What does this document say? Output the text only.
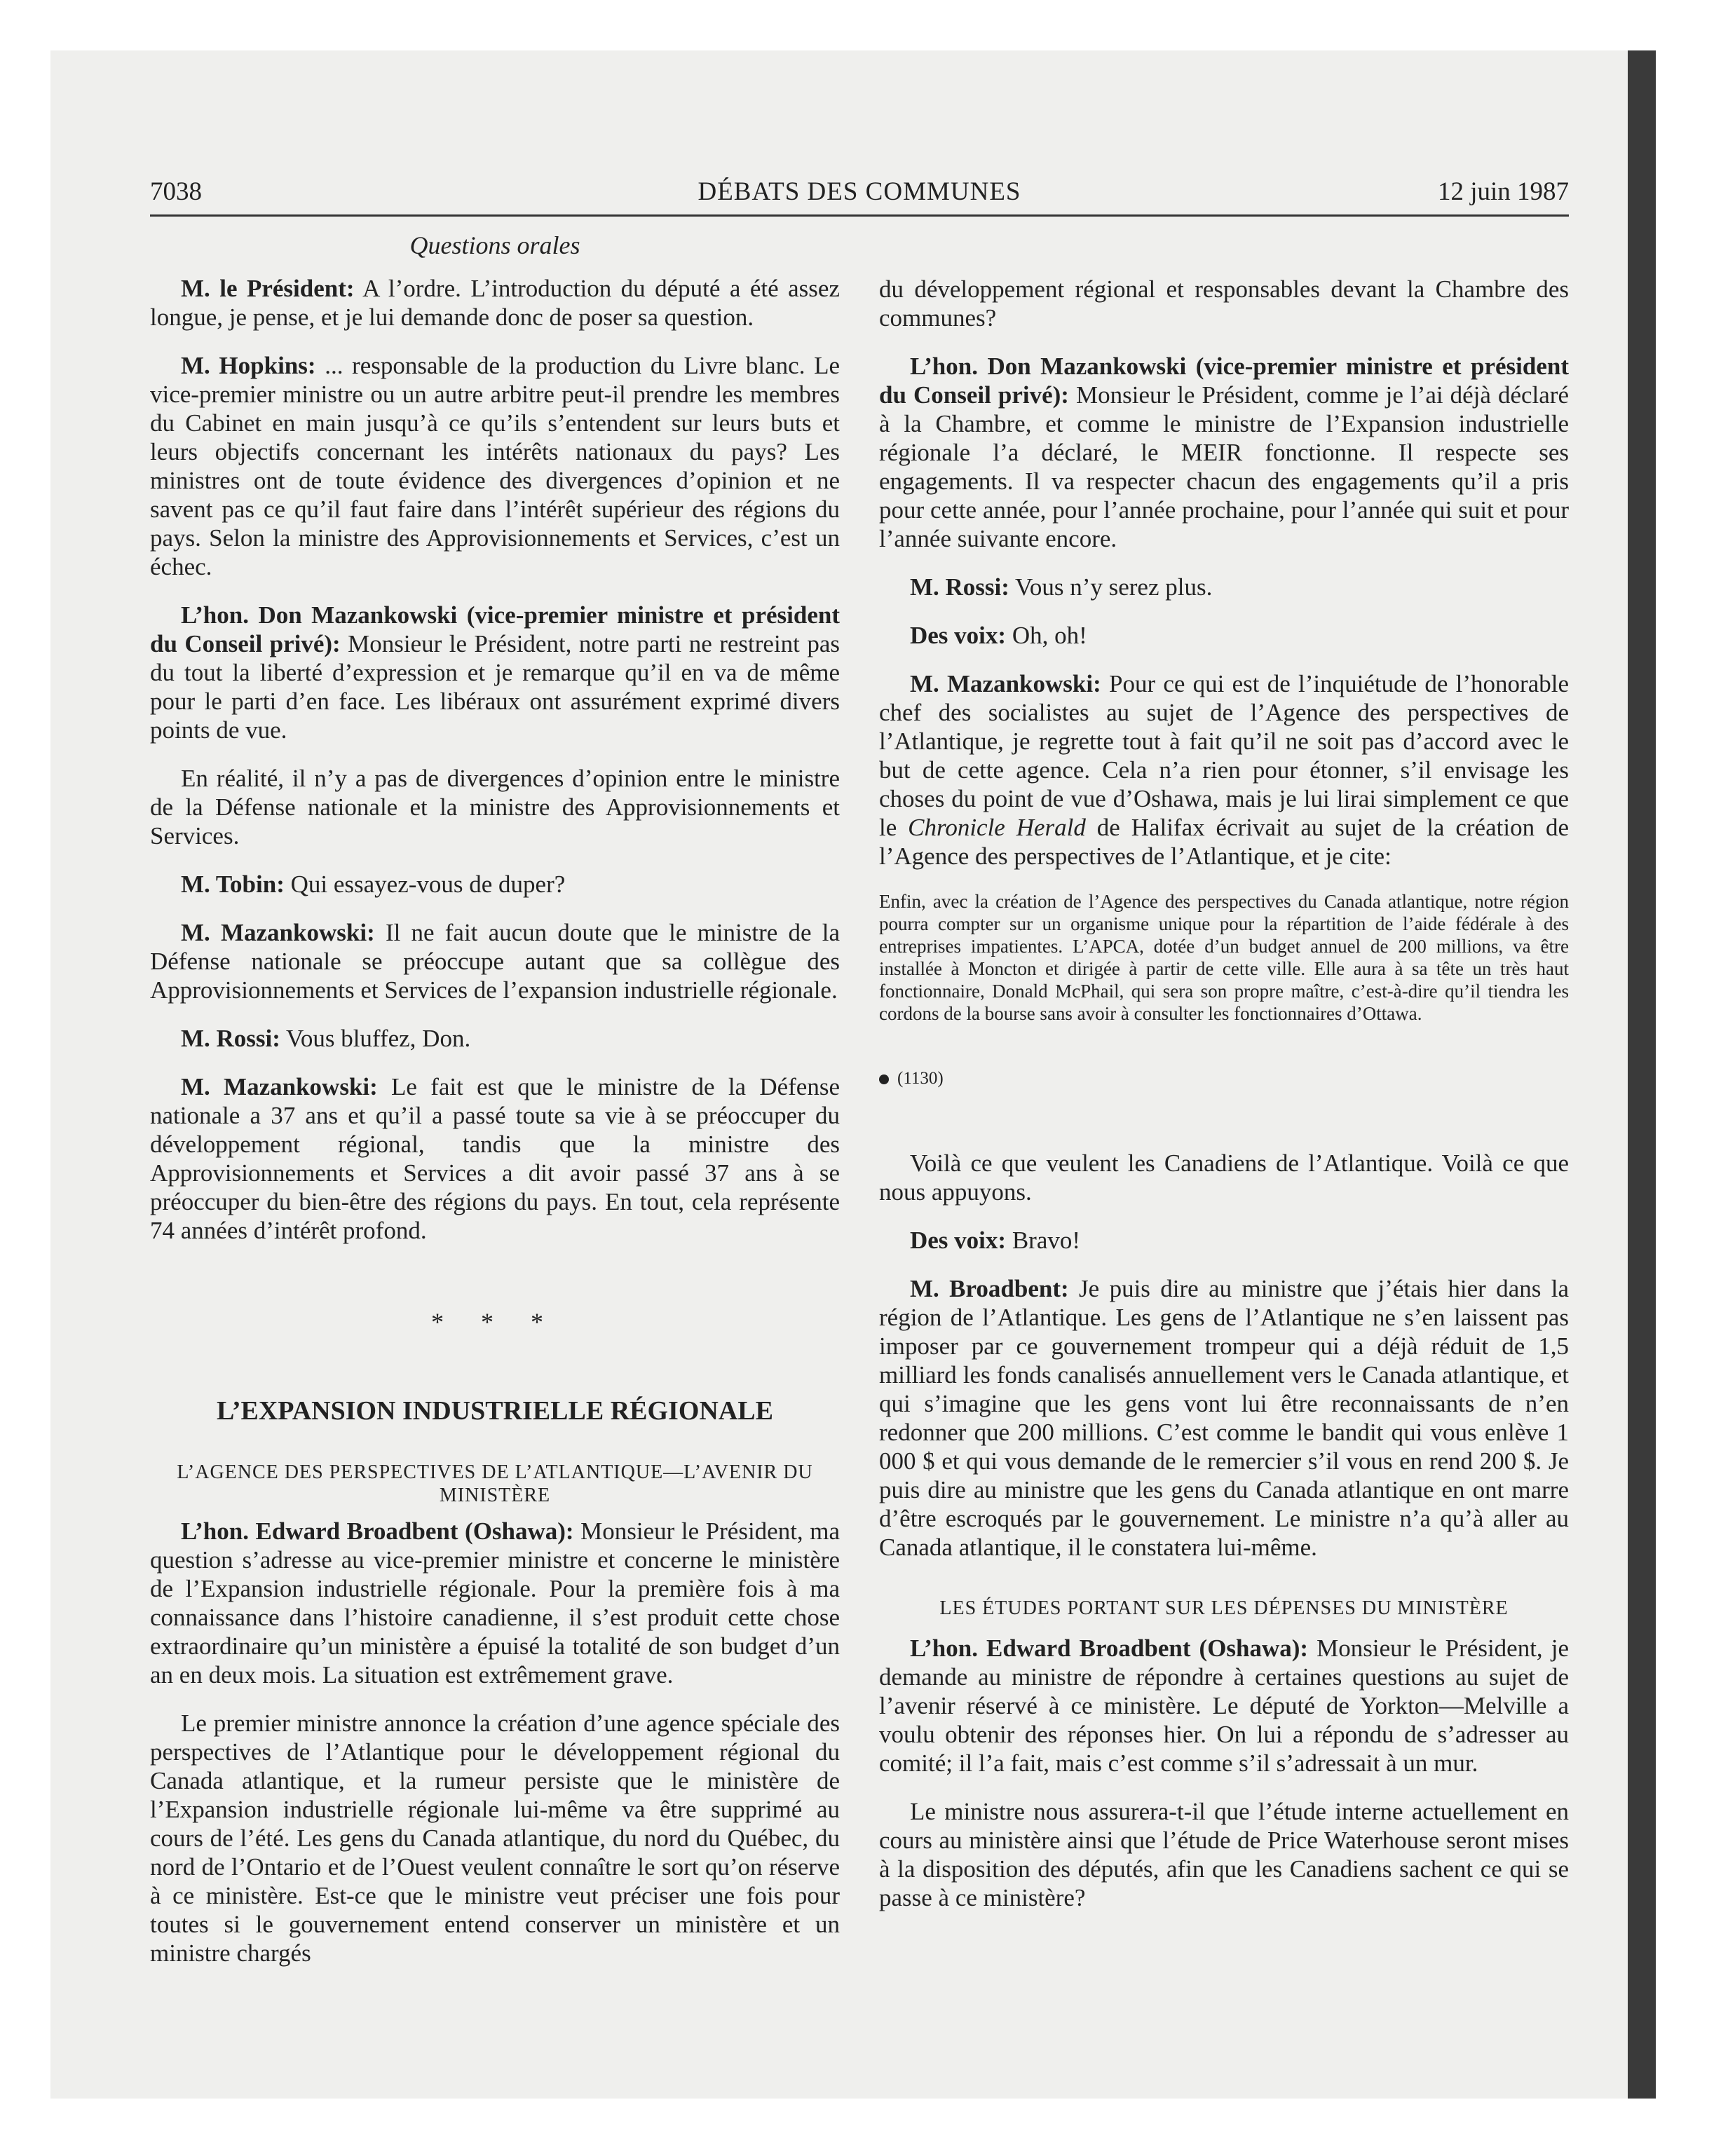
7038	DÉBATS DES COMMUNES	12 juin 1987
Questions orales

M. le Président: A l’ordre. L’introduction du député a été assez longue, je pense, et je lui demande donc de poser sa question.

M. Hopkins: ... responsable de la production du Livre blanc. Le vice-premier ministre ou un autre arbitre peut-il prendre les membres du Cabinet en main jusqu’à ce qu’ils s’entendent sur leurs buts et leurs objectifs concernant les intérêts nationaux du pays? Les ministres ont de toute évidence des divergences d’opinion et ne savent pas ce qu’il faut faire dans l’intérêt supérieur des régions du pays. Selon la ministre des Approvisionnements et Services, c’est un échec.

L’hon. Don Mazankowski (vice-premier ministre et président du Conseil privé): Monsieur le Président, notre parti ne restreint pas du tout la liberté d’expression et je remarque qu’il en va de même pour le parti d’en face. Les libéraux ont assurément exprimé divers points de vue.

En réalité, il n’y a pas de divergences d’opinion entre le ministre de la Défense nationale et la ministre des Approvisionnements et Services.

M. Tobin: Qui essayez-vous de duper?

M. Mazankowski: Il ne fait aucun doute que le ministre de la Défense nationale se préoccupe autant que sa collègue des Approvisionnements et Services de l’expansion industrielle régionale.

M. Rossi: Vous bluffez, Don.

M. Mazankowski: Le fait est que le ministre de la Défense nationale a 37 ans et qu’il a passé toute sa vie à se préoccuper du développement régional, tandis que la ministre des Approvisionnements et Services a dit avoir passé 37 ans à se préoccuper du bien-être des régions du pays. En tout, cela représente 74 années d’intérêt profond.

* * *
L’EXPANSION INDUSTRIELLE RÉGIONALE
L’AGENCE DES PERSPECTIVES DE L’ATLANTIQUE—L’AVENIR DU MINISTÈRE

L’hon. Edward Broadbent (Oshawa): Monsieur le Président, ma question s’adresse au vice-premier ministre et concerne le ministère de l’Expansion industrielle régionale. Pour la première fois à ma connaissance dans l’histoire canadienne, il s’est produit cette chose extraordinaire qu’un ministère a épuisé la totalité de son budget d’un an en deux mois. La situation est extrêmement grave.

Le premier ministre annonce la création d’une agence spéciale des perspectives de l’Atlantique pour le développement régional du Canada atlantique, et la rumeur persiste que le ministère de l’Expansion industrielle régionale lui-même va être supprimé au cours de l’été. Les gens du Canada atlantique, du nord du Québec, du nord de l’Ontario et de l’Ouest veulent connaître le sort qu’on réserve à ce ministère. Est-ce que le ministre veut préciser une fois pour toutes si le gouvernement entend conserver un ministère et un ministre chargés

du développement régional et responsables devant la Chambre des communes?

L’hon. Don Mazankowski (vice-premier ministre et président du Conseil privé): Monsieur le Président, comme je l’ai déjà déclaré à la Chambre, et comme le ministre de l’Expansion industrielle régionale l’a déclaré, le MEIR fonctionne. Il respecte ses engagements. Il va respecter chacun des engagements qu’il a pris pour cette année, pour l’année prochaine, pour l’année qui suit et pour l’année suivante encore.

M. Rossi: Vous n’y serez plus.

Des voix: Oh, oh!

M. Mazankowski: Pour ce qui est de l’inquiétude de l’honorable chef des socialistes au sujet de l’Agence des perspectives de l’Atlantique, je regrette tout à fait qu’il ne soit pas d’accord avec le but de cette agence. Cela n’a rien pour étonner, s’il envisage les choses du point de vue d’Oshawa, mais je lui lirai simplement ce que le Chronicle Herald de Halifax écrivait au sujet de la création de l’Agence des perspectives de l’Atlantique, et je cite:

Enfin, avec la création de l’Agence des perspectives du Canada atlantique, notre région pourra compter sur un organisme unique pour la répartition de l’aide fédérale à des entreprises impatientes. L’APCA, dotée d’un budget annuel de 200 millions, va être installée à Moncton et dirigée à partir de cette ville. Elle aura à sa tête un très haut fonctionnaire, Donald McPhail, qui sera son propre maître, c’est-à-dire qu’il tiendra les cordons de la bourse sans avoir à consulter les fonctionnaires d’Ottawa.
(1130)

Voilà ce que veulent les Canadiens de l’Atlantique. Voilà ce que nous appuyons.

Des voix: Bravo!

M. Broadbent: Je puis dire au ministre que j’étais hier dans la région de l’Atlantique. Les gens de l’Atlantique ne s’en laissent pas imposer par ce gouvernement trompeur qui a déjà réduit de 1,5 milliard les fonds canalisés annuellement vers le Canada atlantique, et qui s’imagine que les gens vont lui être reconnaissants de n’en redonner que 200 millions. C’est comme le bandit qui vous enlève 1 000 $ et qui vous demande de le remercier s’il vous en rend 200 $. Je puis dire au ministre que les gens du Canada atlantique en ont marre d’être escroqués par le gouvernement. Le ministre n’a qu’à aller au Canada atlantique, il le constatera lui-même.

LES ÉTUDES PORTANT SUR LES DÉPENSES DU MINISTÈRE

L’hon. Edward Broadbent (Oshawa): Monsieur le Président, je demande au ministre de répondre à certaines questions au sujet de l’avenir réservé à ce ministère. Le député de Yorkton—Melville a voulu obtenir des réponses hier. On lui a répondu de s’adresser au comité; il l’a fait, mais c’est comme s’il s’adressait à un mur.

Le ministre nous assurera-t-il que l’étude interne actuellement en cours au ministère ainsi que l’étude de Price Waterhouse seront mises à la disposition des députés, afin que les Canadiens sachent ce qui se passe à ce ministère?
